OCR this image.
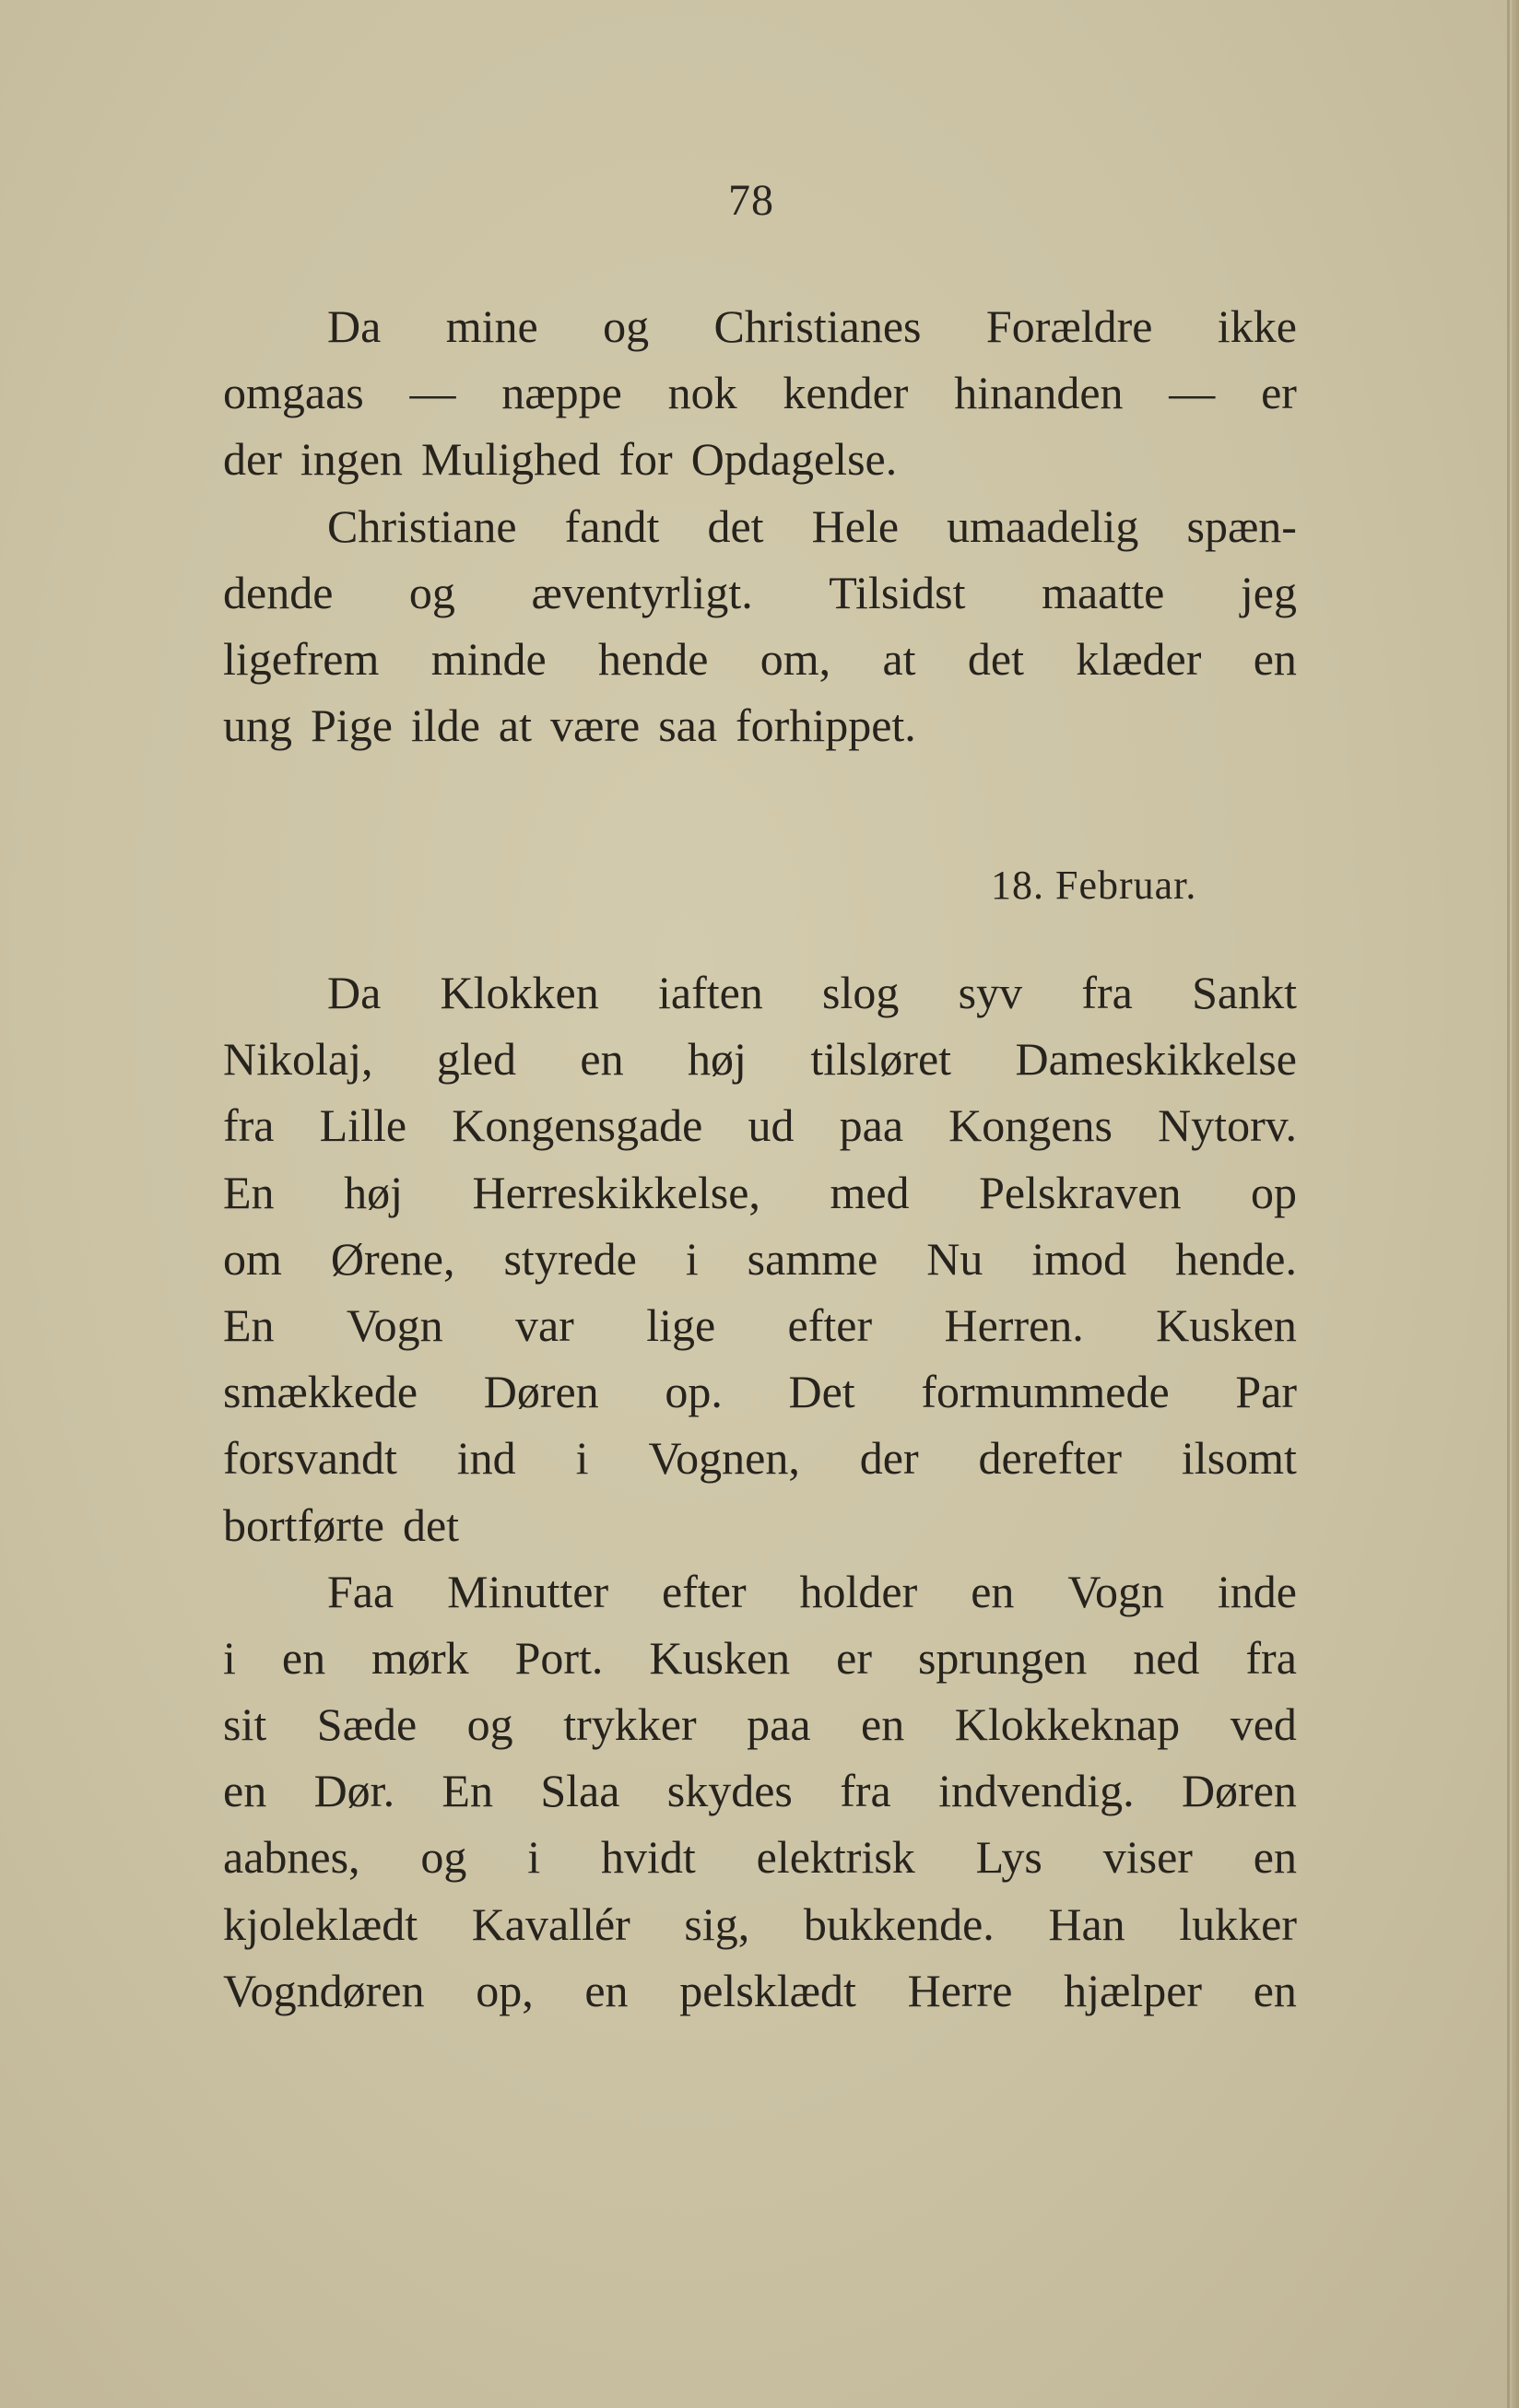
78
Da mine og Christianes Forældre ikke
omgaas — næppe nok kender hinanden — er
der ingen Mulighed for Opdagelse.
Christiane fandt det Hele umaadelig spæn-
dende og æventyrligt. Tilsidst maatte jeg
ligefrem minde hende om, at det klæder en
ung Pige ilde at være saa forhippet.
18. Februar.
Da Klokken iaften slog syv fra Sankt
Nikolaj, gled en høj tilsløret Dameskikkelse
fra Lille Kongensgade ud paa Kongens Nytorv.
En høj Herreskikkelse, med Pelskraven op
om Ørene, styrede i samme Nu imod hende.
En Vogn var lige efter Herren. Kusken
smækkede Døren op. Det formummede Par
forsvandt ind i Vognen, der derefter ilsomt
bortførte det
Faa Minutter efter holder en Vogn inde
i en mørk Port. Kusken er sprungen ned fra
sit Sæde og trykker paa en Klokkeknap ved
en Dør. En Slaa skydes fra indvendig. Døren
aabnes, og i hvidt elektrisk Lys viser en
kjoleklædt Kavallér sig, bukkende. Han lukker
Vogndøren op, en pelsklædt Herre hjælper en
